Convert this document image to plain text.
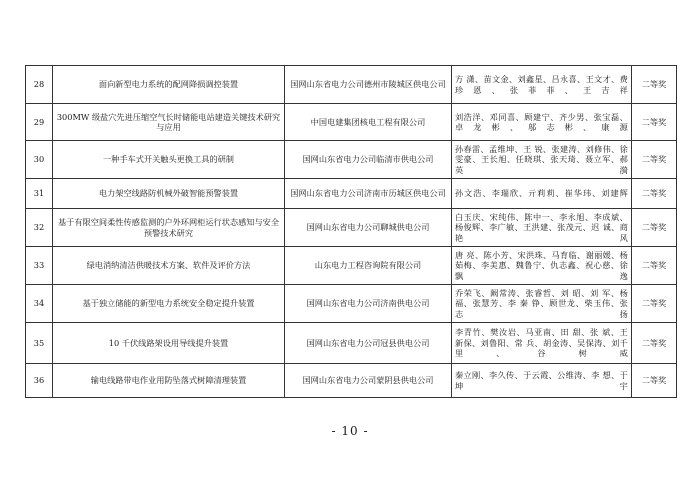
28	面向新型电力系统的配网降损调控装置	国网山东省电力公司德州市陵城区供电公司	方 潇、苗文金、刘鑫星、吕永喜、王文才、费珍恩、张菲菲、王吉祥	二等奖
29	300MW 级盐穴先进压缩空气长时储能电站建造关键技术研究与应用	中国电建集团核电工程有限公司	刘浩洋、邓同喜、顾建宁、齐少男、张宝磊、卓龙彬、邬志彬、康源	二等奖
30	一种手车式开关触头更换工具的研制	国网山东省电力公司临清市供电公司	孙春雷、孟维坤、王 锐、张建涛、刘修伟、徐雯豪、王长旭、任晓琪、张天琦、聂立军、郝英漪	二等奖
31	电力架空线路防机械外破智能预警装置	国网山东省电力公司济南市历城区供电公司	孙文浩、李瑞欣、亓莉莉、崔华玮、刘建辉	二等奖
32	基于有限空间柔性传感监测的户外环网柜运行状态感知与安全预警技术研究	国网山东省电力公司聊城供电公司	白玉庆、宋纯伟、陈中一、李永旭、李成斌、杨俊辉、李广敏、王洪建、张茂元、迟 诚、商艳风	二等奖
33	绿电消纳清洁供暖技术方案、软件及评价方法	山东电力工程咨询院有限公司	唐 亮、陈小芳、宋洪珠、马育临、谢丽媛、杨茹梅、李美惠、魏鲁宁、仇志鑫、祝心慈、徐飘逸	二等奖
34	基于独立储能的新型电力系统安全稳定提升装置	国网山东省电力公司济南供电公司	乔荣飞、阚常涛、张睿哲、刘 昭、刘 军、杨 福、张慧芳、李 秦 铮、顾世龙、柴玉伟、张志扬	二等奖
35	10 千伏线路架设用导线提升装置	国网山东省电力公司冠县供电公司	李青竹、樊汝岩、马亚南、田 甜、张 斌、王新保、刘鲁阳、常 兵、胡金涛、吴保涛、刘千里、谷树威	二等奖
36	输电线路带电作业用防坠落式树障清理装置	国网山东省电力公司蒙阴县供电公司	秦立刚、李久传、于云霞、公维涛、李 想、于坤宇	二等奖
- 10 -
